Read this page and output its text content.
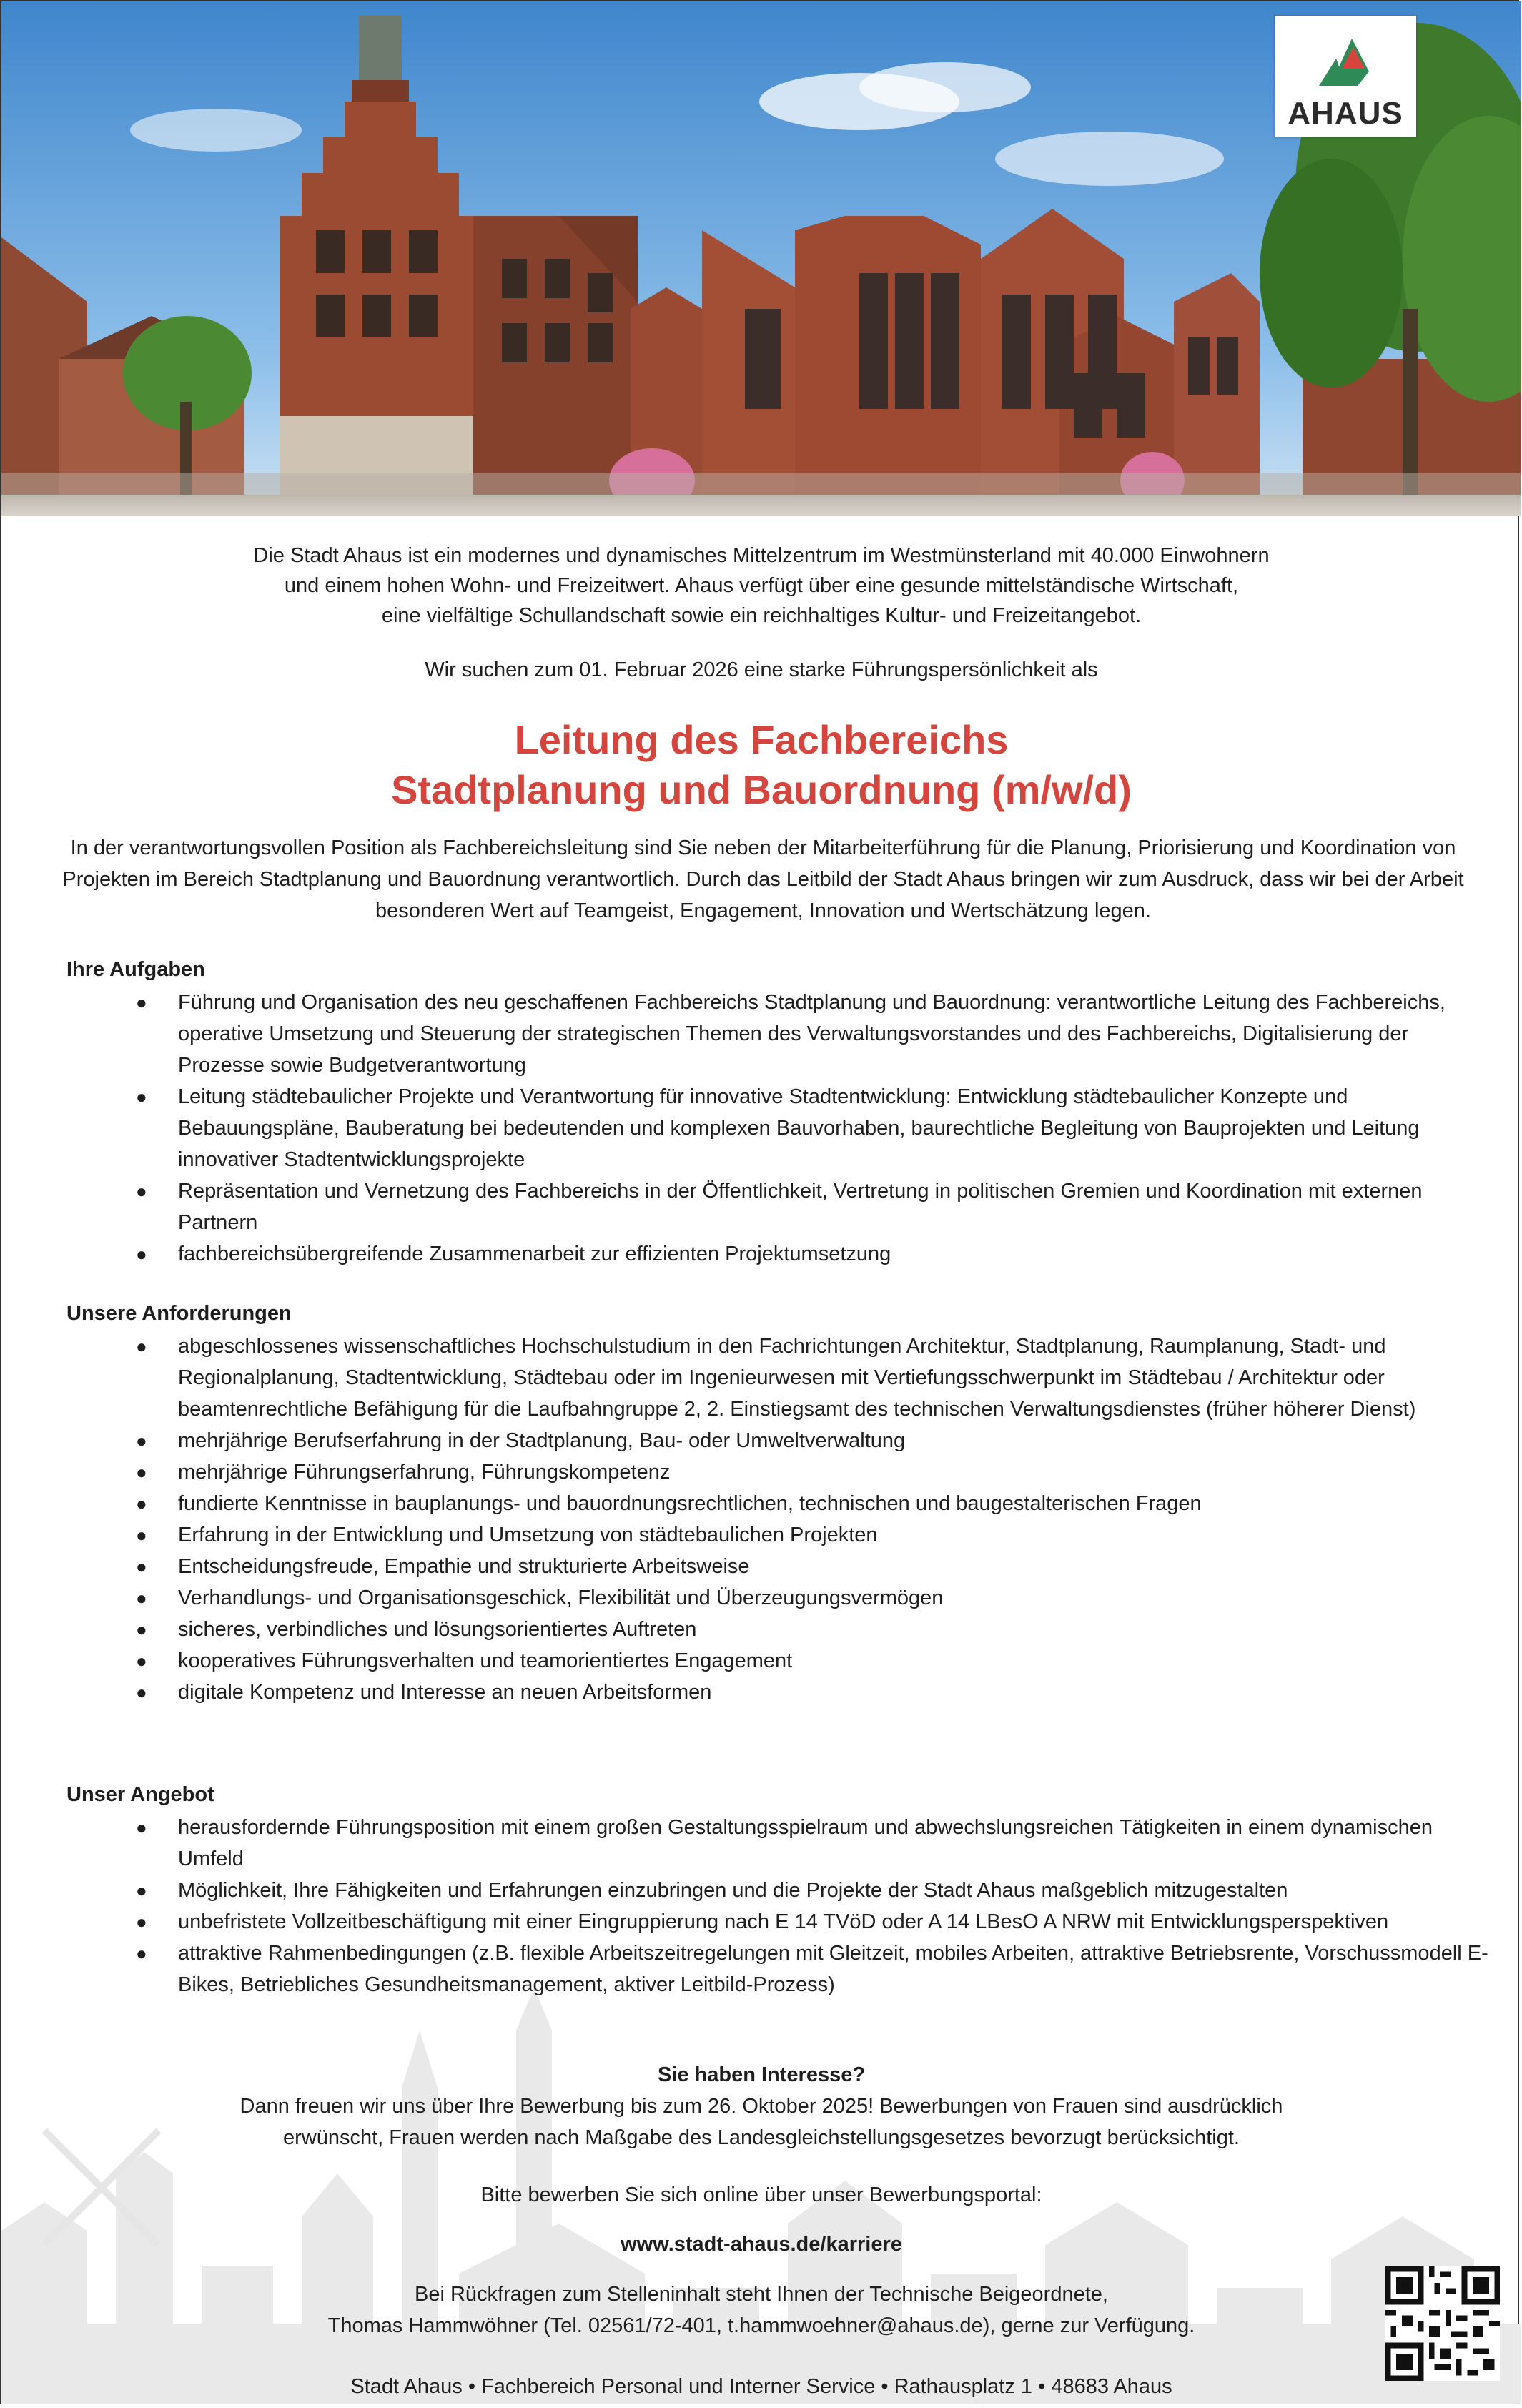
AHAUS

Die Stadt Ahaus ist ein modernes und dynamisches Mittelzentrum im Westmünsterland mit 40.000 Einwohnern

und einem hohen Wohn- und Freizeitwert. Ahaus verfügt über eine gesunde mittelständische Wirtschaft,

eine vielfältige Schullandschaft sowie ein reichhaltiges Kultur- und Freizeitangebot.

Wir suchen zum 01. Februar 2026 eine starke Führungspersönlichkeit als
Leitung des Fachbereichs
Stadtplanung und Bauordnung (m/w/d)
In der verantwortungsvollen Position als Fachbereichsleitung sind Sie neben der Mitarbeiterführung für die Planung, Priorisierung und Koordination von Projekten im Bereich Stadtplanung und Bauordnung verantwortlich. Durch das Leitbild der Stadt Ahaus bringen wir zum Ausdruck, dass wir bei der Arbeit besonderen Wert auf Teamgeist, Engagement, Innovation und Wertschätzung legen.
Ihre Aufgaben
● Führung und Organisation des neu geschaffenen Fachbereichs Stadtplanung und Bauordnung: verantwortliche Leitung des Fachbereichs, operative Umsetzung und Steuerung der strategischen Themen des Verwaltungsvorstandes und des Fachbereichs, Digitalisierung der Prozesse sowie Budgetverantwortung
● Leitung städtebaulicher Projekte und Verantwortung für innovative Stadtentwicklung: Entwicklung städtebaulicher Konzepte und Bebauungspläne, Bauberatung bei bedeutenden und komplexen Bauvorhaben, baurechtliche Begleitung von Bauprojekten und Leitung innovativer Stadtentwicklungsprojekte
● Repräsentation und Vernetzung des Fachbereichs in der Öffentlichkeit, Vertretung in politischen Gremien und Koordination mit externen Partnern
● fachbereichsübergreifende Zusammenarbeit zur effizienten Projektumsetzung
Unsere Anforderungen
● abgeschlossenes wissenschaftliches Hochschulstudium in den Fachrichtungen Architektur, Stadtplanung, Raumplanung, Stadt- und Regionalplanung, Stadtentwicklung, Städtebau oder im Ingenieurwesen mit Vertiefungsschwerpunkt im Städtebau / Architektur oder beamtenrechtliche Befähigung für die Laufbahngruppe 2, 2. Einstiegsamt des technischen Verwaltungsdienstes (früher höherer Dienst)
● mehrjährige Berufserfahrung in der Stadtplanung, Bau- oder Umweltverwaltung
● mehrjährige Führungserfahrung, Führungskompetenz
● fundierte Kenntnisse in bauplanungs- und bauordnungsrechtlichen, technischen und baugestalterischen Fragen
● Erfahrung in der Entwicklung und Umsetzung von städtebaulichen Projekten
● Entscheidungsfreude, Empathie und strukturierte Arbeitsweise
● Verhandlungs- und Organisationsgeschick, Flexibilität und Überzeugungsvermögen
● sicheres, verbindliches und lösungsorientiertes Auftreten
● kooperatives Führungsverhalten und teamorientiertes Engagement
● digitale Kompetenz und Interesse an neuen Arbeitsformen
Unser Angebot
● herausfordernde Führungsposition mit einem großen Gestaltungsspielraum und abwechslungsreichen Tätigkeiten in einem dynamischen Umfeld
● Möglichkeit, Ihre Fähigkeiten und Erfahrungen einzubringen und die Projekte der Stadt Ahaus maßgeblich mitzugestalten
● unbefristete Vollzeitbeschäftigung mit einer Eingruppierung nach E 14 TVöD oder A 14 LBesO A NRW mit Entwicklungsperspektiven
● attraktive Rahmenbedingungen (z.B. flexible Arbeitszeitregelungen mit Gleitzeit, mobiles Arbeiten, attraktive Betriebsrente, Vorschussmodell E-Bikes, Betriebliches Gesundheitsmanagement, aktiver Leitbild-Prozess)
Sie haben Interesse?
Dann freuen wir uns über Ihre Bewerbung bis zum 26. Oktober 2025! Bewerbungen von Frauen sind ausdrücklich
erwünscht, Frauen werden nach Maßgabe des Landesgleichstellungsgesetzes bevorzugt berücksichtigt.
Bitte bewerben Sie sich online über unser Bewerbungsportal:
www.stadt-ahaus.de/karriere
Bei Rückfragen zum Stelleninhalt steht Ihnen der Technische Beigeordnete,
Thomas Hammwöhner (Tel. 02561/72-401, t.hammwoehner@ahaus.de), gerne zur Verfügung.
Stadt Ahaus • Fachbereich Personal und Interner Service • Rathausplatz 1 • 48683 Ahaus
